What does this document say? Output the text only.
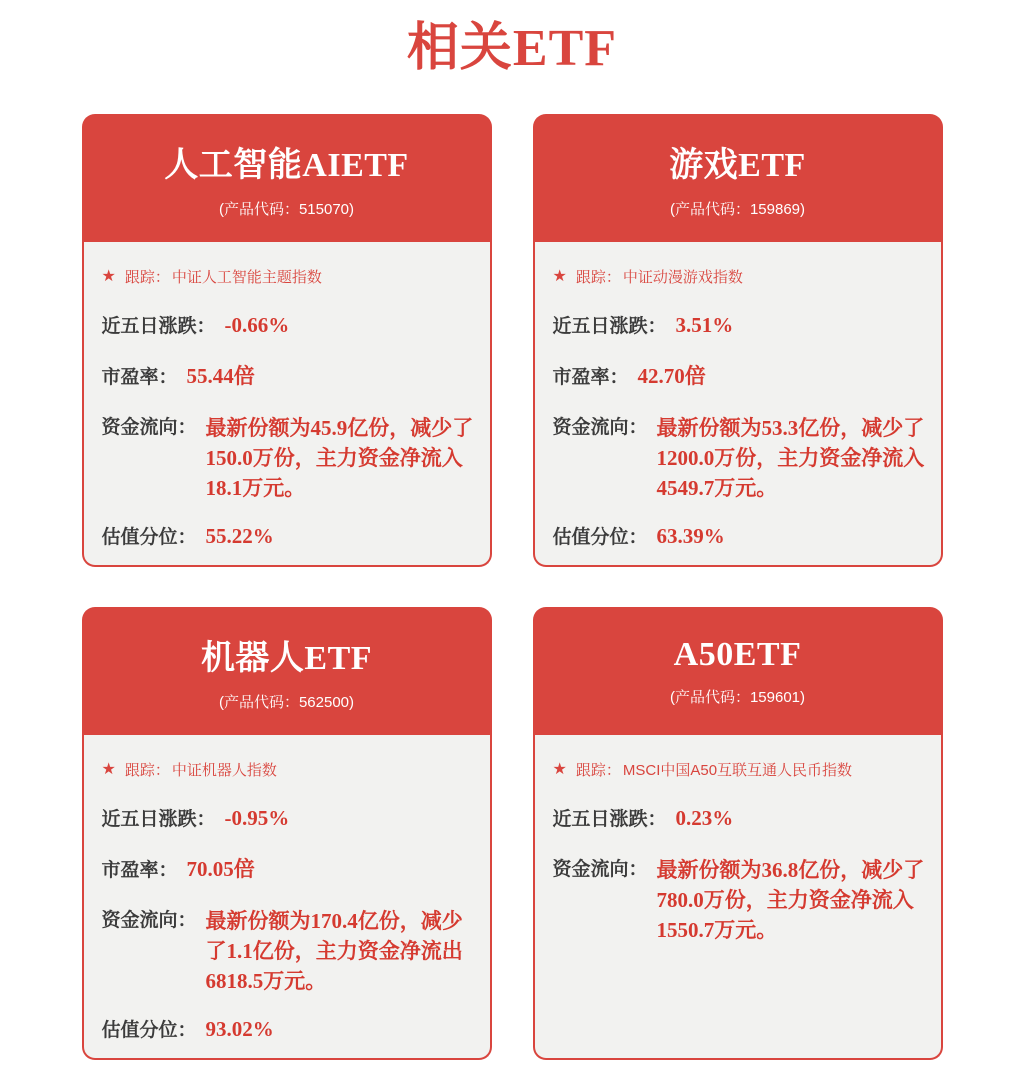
相关ETF
人工智能AIETF
(产品代码：515070)
★ 跟踪： 中证人工智能主题指数
近五日涨跌： -0.66%
市盈率： 55.44倍
资金流向： 最新份额为45.9亿份，减少了150.0万份，主力资金净流入18.1万元。
估值分位： 55.22%
游戏ETF
(产品代码：159869)
★ 跟踪： 中证动漫游戏指数
近五日涨跌： 3.51%
市盈率： 42.70倍
资金流向： 最新份额为53.3亿份，减少了1200.0万份，主力资金净流入4549.7万元。
估值分位： 63.39%
机器人ETF
(产品代码：562500)
★ 跟踪： 中证机器人指数
近五日涨跌： -0.95%
市盈率： 70.05倍
资金流向： 最新份额为170.4亿份，减少了1.1亿份，主力资金净流出6818.5万元。
估值分位： 93.02%
A50ETF
(产品代码：159601)
★ 跟踪： MSCI中国A50互联互通人民币指数
近五日涨跌： 0.23%
资金流向： 最新份额为36.8亿份，减少了780.0万份，主力资金净流入1550.7万元。
